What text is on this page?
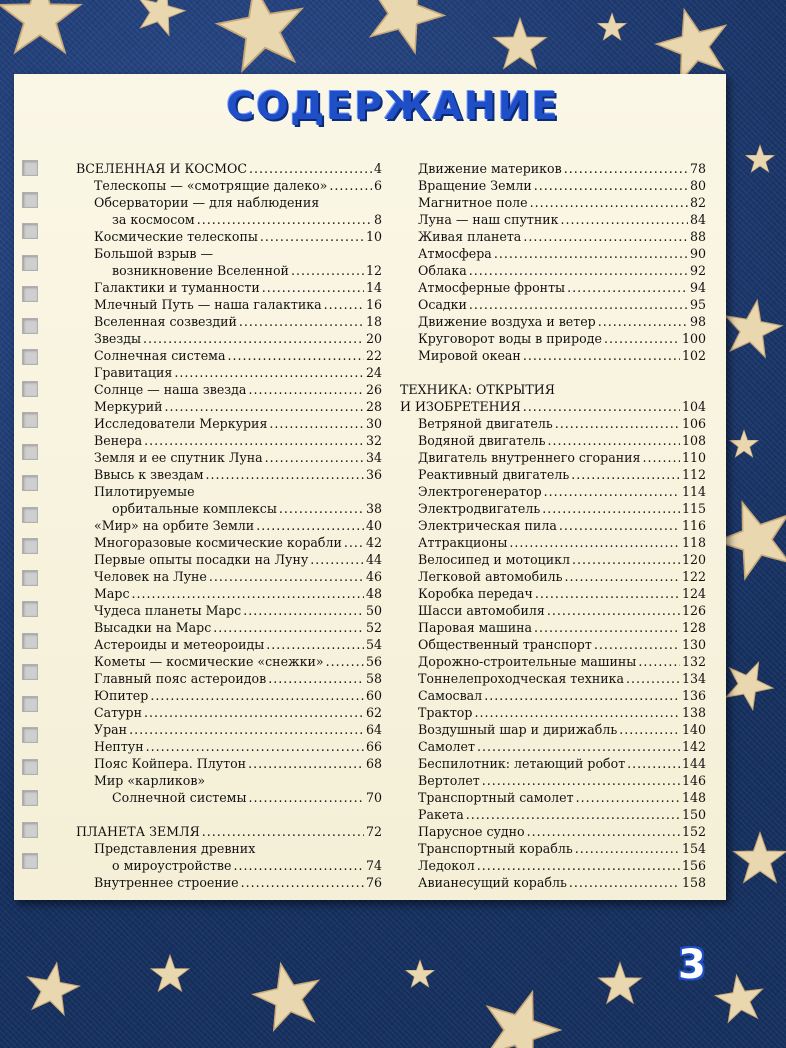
СОДЕРЖАНИЕ
ВСЕЛЕННАЯ И КОСМОС .....	4
Телескопы — «смотрящие далеко» .....	6
Обсерватории — для наблюдения
за космосом .....	8
Космические телескопы .....	10
Большой взрыв —
возникновение Вселенной .....	12
Галактики и туманности .....	14
Млечный Путь — наша галактика .....	16
Вселенная созвездий .....	18
Звезды .....	20
Солнечная система .....	22
Гравитация .....	24
Солнце — наша звезда .....	26
Меркурий .....	28
Исследователи Меркурия .....	30
Венера .....	32
Земля и ее спутник Луна .....	34
Ввысь к звездам .....	36
Пилотируемые
орбитальные комплексы .....	38
«Мир» на орбите Земли .....	40
Многоразовые космические корабли ..... 42
Первые опыты посадки на Луну .....	44
Человек на Луне .....	46
Марс .....	48
Чудеса планеты Марс .....	50
Высадки на Марс .....	52
Астероиды и метеороиды .....	54
Кометы — космические «снежки» .....	56
Главный пояс астероидов .....	58
Юпитер .....	60
Сатурн .....	62
Уран .....	64
Нептун .....	66
Пояс Койпера. Плутон .....	68
Мир «карликов»
Солнечной системы .....	70
ПЛАНЕТА ЗЕМЛЯ .....	72
Представления древних
о мироустройстве .....	74
Внутреннее строение .....	76
Движение материков .....	78
Вращение Земли .....	80
Магнитное поле .....	82
Луна — наш спутник .....	84
Живая планета .....	88
Атмосфера .....	90
Облака .....	92
Атмосферные фронты .....	94
Осадки .....	95
Движение воздуха и ветер .....	98
Круговорот воды в природе .....	100
Мировой океан .....	102
ТЕХНИКА: ОТКРЫТИЯ
И ИЗОБРЕТЕНИЯ .....	104
Ветряной двигатель .....	106
Водяной двигатель .....	108
Двигатель внутреннего сгорания .....	110
Реактивный двигатель .....	112
Электрогенератор .....	114
Электродвигатель .....	115
Электрическая пила .....	116
Аттракционы .....	118
Велосипед и мотоцикл .....	120
Легковой автомобиль .....	122
Коробка передач .....	124
Шасси автомобиля .....	126
Паровая машина .....	128
Общественный транспорт .....	130
Дорожно-строительные машины .....	132
Тоннелепроходческая техника .....	134
Самосвал .....	136
Трактор .....	138
Воздушный шар и дирижабль .....	140
Самолет .....	142
Беспилотник: летающий робот .....	144
Вертолет .....	146
Транспортный самолет .....	148
Ракета .....	150
Парусное судно .....	152
Транспортный корабль .....	154
Ледокол .....	156
Авианесущий корабль .....	158
3
